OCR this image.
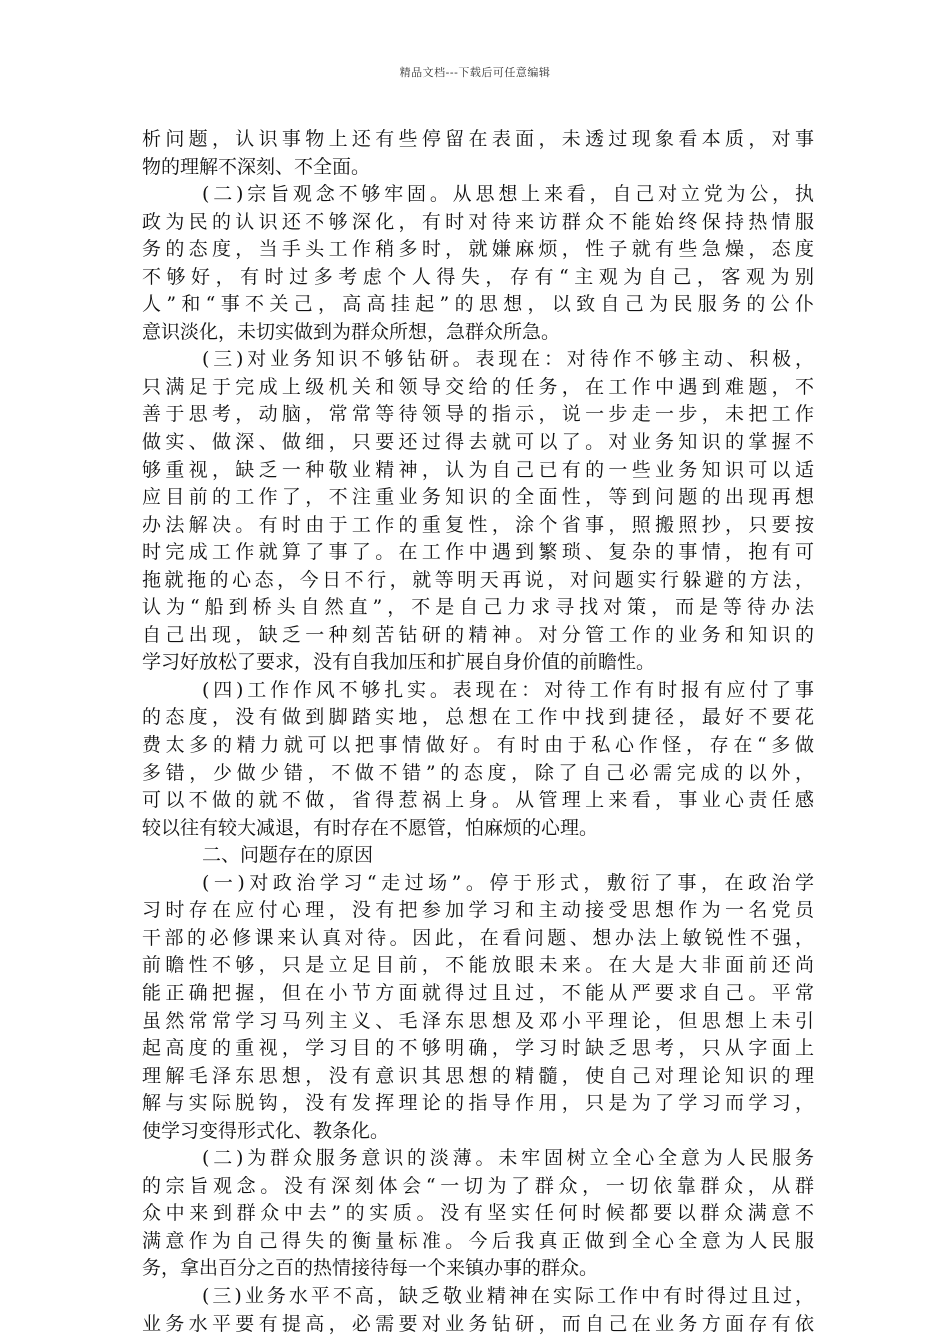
精品文档---下载后可任意编辑
析问题，认识事物上还有些停留在表面，未透过现象看本质，对事
物的理解不深刻、不全面。
(二)宗旨观念不够牢固。从思想上来看，自己对立党为公，执
政为民的认识还不够深化，有时对待来访群众不能始终保持热情服
务的态度，当手头工作稍多时，就嫌麻烦，性子就有些急燥，态度
不够好，有时过多考虑个人得失，存有“主观为自己，客观为别
人”和“事不关己，高高挂起”的思想，以致自己为民服务的公仆
意识淡化，未切实做到为群众所想，急群众所急。
(三)对业务知识不够钻研。表现在：对待作不够主动、积极，
只满足于完成上级机关和领导交给的任务，在工作中遇到难题，不
善于思考，动脑，常常等待领导的指示，说一步走一步，未把工作
做实、做深、做细，只要还过得去就可以了。对业务知识的掌握不
够重视，缺乏一种敬业精神，认为自己已有的一些业务知识可以适
应目前的工作了，不注重业务知识的全面性，等到问题的出现再想
办法解决。有时由于工作的重复性，涂个省事，照搬照抄，只要按
时完成工作就算了事了。在工作中遇到繁琐、复杂的事情，抱有可
拖就拖的心态，今日不行，就等明天再说，对问题实行躲避的方法，
认为“船到桥头自然直”，不是自己力求寻找对策，而是等待办法
自己出现，缺乏一种刻苦钻研的精神。对分管工作的业务和知识的
学习好放松了要求，没有自我加压和扩展自身价值的前瞻性。
(四)工作作风不够扎实。表现在：对待工作有时报有应付了事
的态度，没有做到脚踏实地，总想在工作中找到捷径，最好不要花
费太多的精力就可以把事情做好。有时由于私心作怪，存在“多做
多错，少做少错，不做不错”的态度，除了自己必需完成的以外，
可以不做的就不做，省得惹祸上身。从管理上来看，事业心责任感
较以往有较大减退，有时存在不愿管，怕麻烦的心理。
二、问题存在的原因
(一)对政治学习“走过场”。停于形式，敷衍了事，在政治学
习时存在应付心理，没有把参加学习和主动接受思想作为一名党员
干部的必修课来认真对待。因此，在看问题、想办法上敏锐性不强，
前瞻性不够，只是立足目前，不能放眼未来。在大是大非面前还尚
能正确把握，但在小节方面就得过且过，不能从严要求自己。平常
虽然常常学习马列主义、毛泽东思想及邓小平理论，但思想上未引
起高度的重视，学习目的不够明确，学习时缺乏思考，只从字面上
理解毛泽东思想，没有意识其思想的精髓，使自己对理论知识的理
解与实际脱钩，没有发挥理论的指导作用，只是为了学习而学习，
使学习变得形式化、教条化。
(二)为群众服务意识的淡薄。未牢固树立全心全意为人民服务
的宗旨观念。没有深刻体会“一切为了群众，一切依靠群众，从群
众中来到群众中去”的实质。没有坚实任何时候都要以群众满意不
满意作为自己得失的衡量标准。今后我真正做到全心全意为人民服
务，拿出百分之百的热情接待每一个来镇办事的群众。
(三)业务水平不高，缺乏敬业精神在实际工作中有时得过且过，
业务水平要有提高，必需要对业务钻研，而自己在业务方面存有依
